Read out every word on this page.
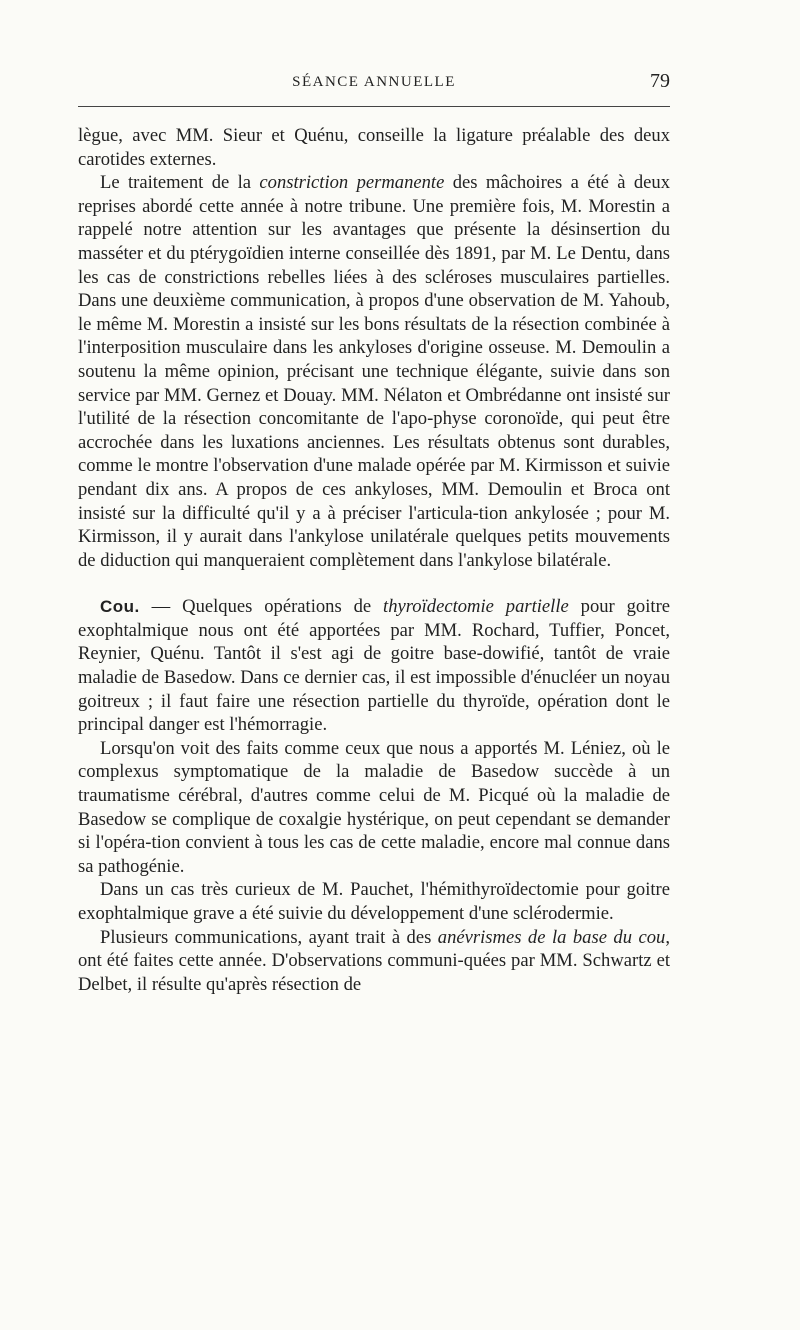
SÉANCE ANNUELLE	79

lègue, avec MM. Sieur et Quénu, conseille la ligature préalable des deux carotides externes.

Le traitement de la constriction permanente des mâchoires a été à deux reprises abordé cette année à notre tribune. Une première fois, M. Morestin a rappelé notre attention sur les avantages que présente la désinsertion du masséter et du ptérygoïdien interne conseillée dès 1891, par M. Le Dentu, dans les cas de constrictions rebelles liées à des scléroses musculaires partielles. Dans une deuxième communication, à propos d'une observation de M. Yahoub, le même M. Morestin a insisté sur les bons résultats de la résection combinée à l'interposition musculaire dans les ankyloses d'origine osseuse. M. Demoulin a soutenu la même opinion, précisant une technique élégante, suivie dans son service par MM. Gernez et Douay. MM. Nélaton et Ombrédanne ont insisté sur l'utilité de la résection concomitante de l'apo-physe coronoïde, qui peut être accrochée dans les luxations anciennes. Les résultats obtenus sont durables, comme le montre l'observation d'une malade opérée par M. Kirmisson et suivie pendant dix ans. A propos de ces ankyloses, MM. Demoulin et Broca ont insisté sur la difficulté qu'il y a à préciser l'articula-tion ankylosée ; pour M. Kirmisson, il y aurait dans l'ankylose unilatérale quelques petits mouvements de diduction qui manqueraient complètement dans l'ankylose bilatérale.

Cou. — Quelques opérations de thyroïdectomie partielle pour goitre exophtalmique nous ont été apportées par MM. Rochard, Tuffier, Poncet, Reynier, Quénu. Tantôt il s'est agi de goitre base-dowifié, tantôt de vraie maladie de Basedow. Dans ce dernier cas, il est impossible d'énucléer un noyau goitreux ; il faut faire une résection partielle du thyroïde, opération dont le principal danger est l'hémorragie.

Lorsqu'on voit des faits comme ceux que nous a apportés M. Léniez, où le complexus symptomatique de la maladie de Basedow succède à un traumatisme cérébral, d'autres comme celui de M. Picqué où la maladie de Basedow se complique de coxalgie hystérique, on peut cependant se demander si l'opéra-tion convient à tous les cas de cette maladie, encore mal connue dans sa pathogénie.

Dans un cas très curieux de M. Pauchet, l'hémithyroïdectomie pour goitre exophtalmique grave a été suivie du développement d'une sclérodermie.

Plusieurs communications, ayant trait à des anévrismes de la base du cou, ont été faites cette année. D'observations communi-quées par MM. Schwartz et Delbet, il résulte qu'après résection de
